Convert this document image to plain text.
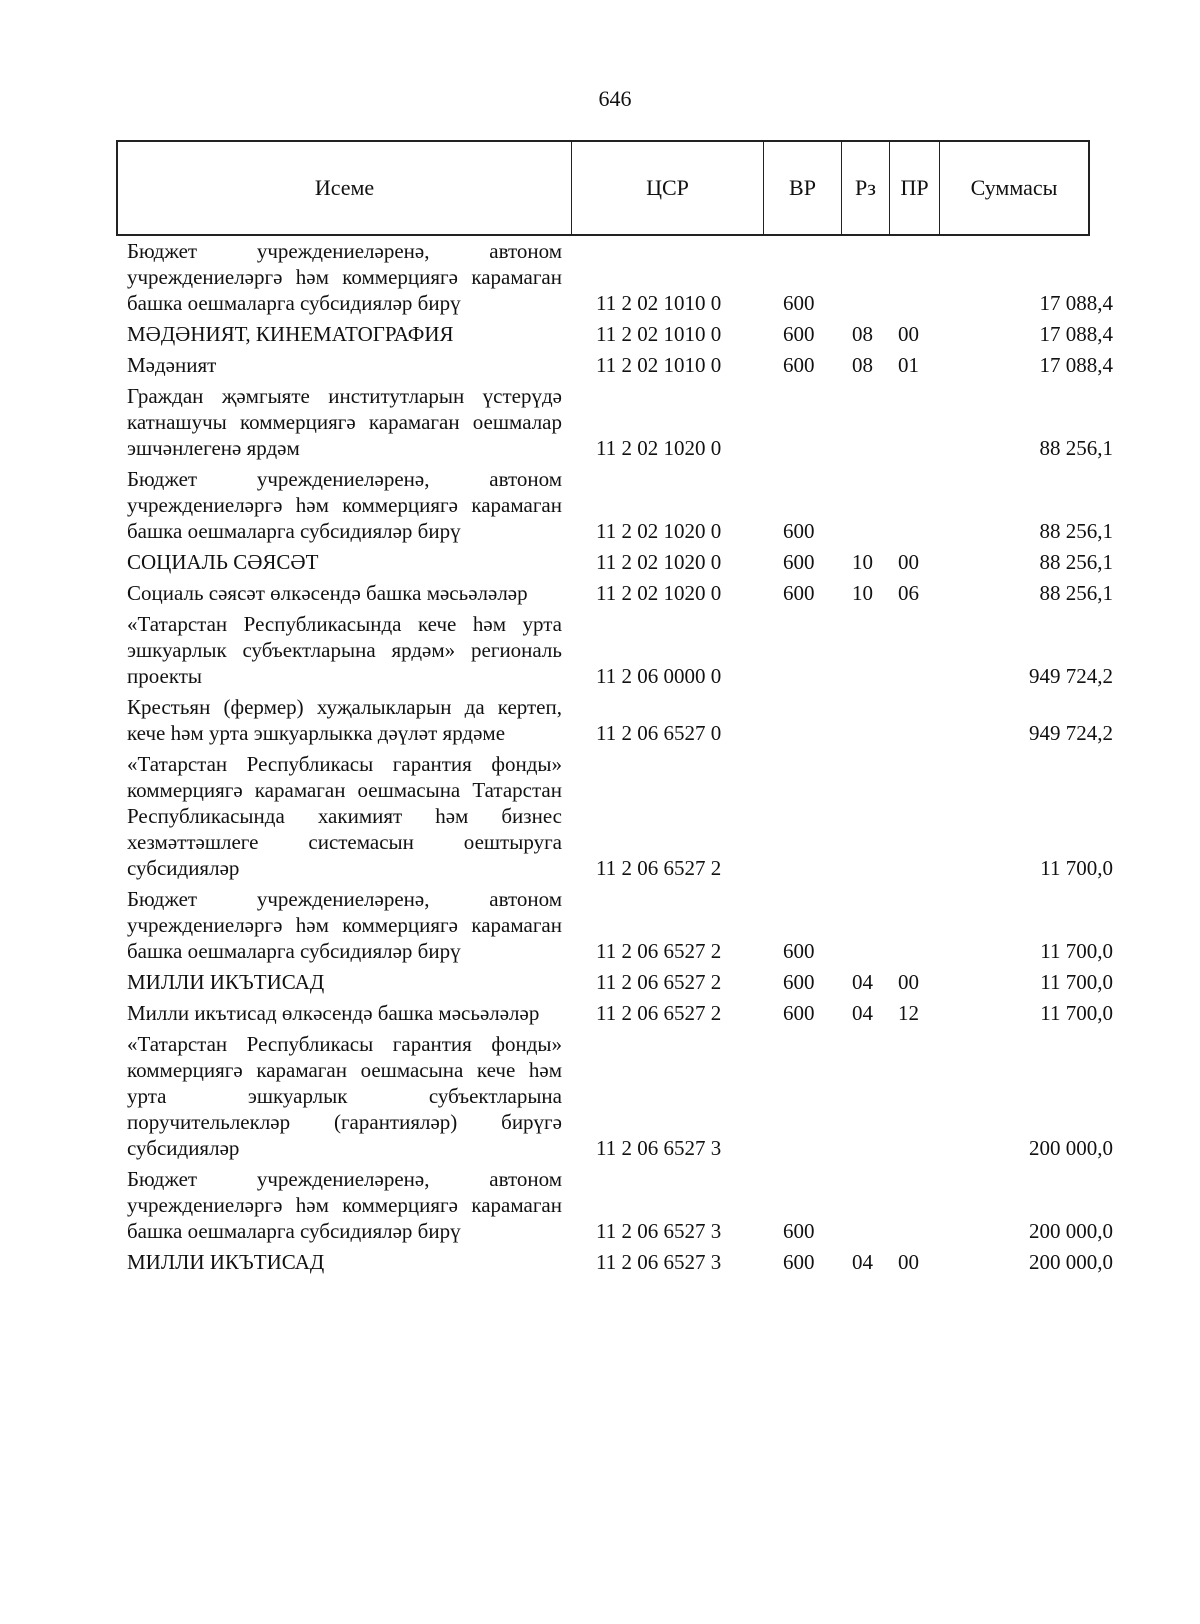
646
Исеме	ЦСР	ВР	Рз	ПР	Суммасы
Бюджет учреждениеләренә, автоном учреждениеләргә һәм коммерциягә карамаган башка оешмаларга субсидияләр бирү	11 2 02 1010 0	600	17 088,4
МӘДӘНИЯТ, КИНЕМАТОГРАФИЯ	11 2 02 1010 0	600 08 00	17 088,4
Мәдәният	11 2 02 1010 0	600 08 01	17 088,4
Граждан җәмгыяте институтларын үстерүдә катнашучы коммерциягә карамаган оешмалар эшчәнлегенә ярдәм	11 2 02 1020 0	88 256,1
Бюджет учреждениеләренә, автоном учреждениеләргә һәм коммерциягә карамаган башка оешмаларга субсидияләр бирү	11 2 02 1020 0	600	88 256,1
СОЦИАЛЬ СӘЯСӘТ	11 2 02 1020 0	600 10 00	88 256,1
Социаль сәясәт өлкәсендә башка мәсьәләләр	11 2 02 1020 0	600 10 06	88 256,1
«Татарстан Республикасында кече һәм урта эшкуарлык субъектларына ярдәм» региональ проекты	11 2 06 0000 0	949 724,2
Крестьян (фермер) хуҗалыкларын да кертеп, кече һәм урта эшкуарлыкка дәүләт ярдәме	11 2 06 6527 0	949 724,2
«Татарстан Республикасы гарантия фонды» коммерциягә карамаган оешмасына Татарстан Республикасында хакимият һәм бизнес хезмәттәшлеге системасын оештыруга субсидияләр	11 2 06 6527 2	11 700,0
Бюджет учреждениеләренә, автоном учреждениеләргә һәм коммерциягә карамаган башка оешмаларга субсидияләр бирү	11 2 06 6527 2	600	11 700,0
МИЛЛИ ИКЪТИСАД	11 2 06 6527 2	600 04 00	11 700,0
Милли икътисад өлкәсендә башка мәсьәләләр	11 2 06 6527 2	600 04 12	11 700,0
«Татарстан Республикасы гарантия фонды» коммерциягә карамаган оешмасына кече һәм урта эшкуарлык субъектларына поручительлекләр (гарантияләр) бирүгә субсидияләр	11 2 06 6527 3	200 000,0
Бюджет учреждениеләренә, автоном учреждениеләргә һәм коммерциягә карамаган башка оешмаларга субсидияләр бирү	11 2 06 6527 3	600	200 000,0
МИЛЛИ ИКЪТИСАД	11 2 06 6527 3	600 04 00	200 000,0
